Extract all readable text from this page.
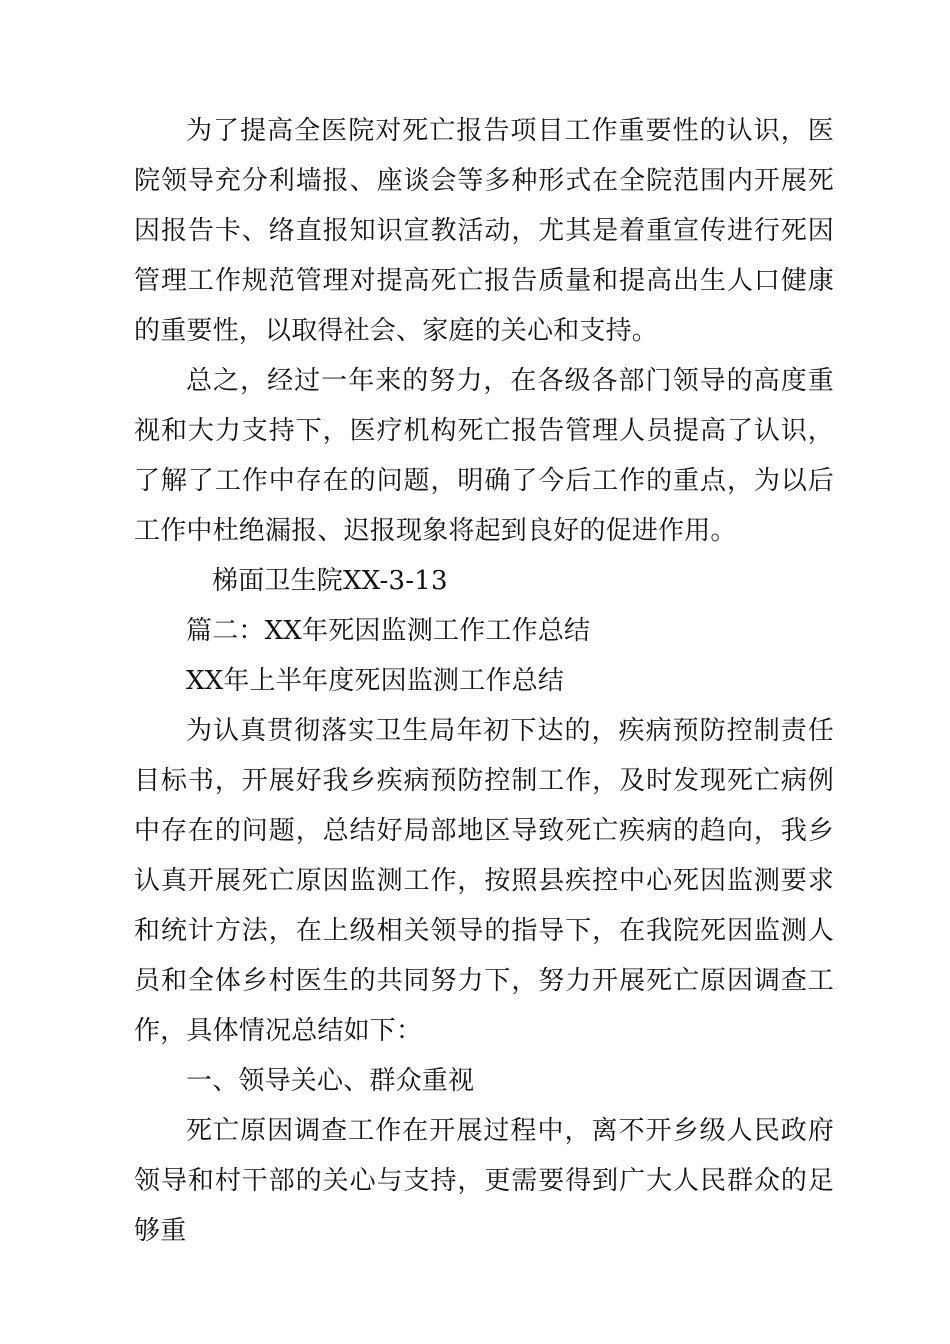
为了提高全医院对死亡报告项目工作重要性的认识，医院领导充分利墙报、座谈会等多种形式在全院范围内开展死因报告卡、络直报知识宣教活动，尤其是着重宣传进行死因管理工作规范管理对提高死亡报告质量和提高出生人口健康的重要性，以取得社会、家庭的关心和支持。

总之，经过一年来的努力，在各级各部门领导的高度重视和大力支持下，医疗机构死亡报告管理人员提高了认识，了解了工作中存在的问题，明确了今后工作的重点，为以后工作中杜绝漏报、迟报现象将起到良好的促进作用。

梯面卫生院XX-3-13

篇二：XX年死因监测工作工作总结

XX年上半年度死因监测工作总结

为认真贯彻落实卫生局年初下达的，疾病预防控制责任目标书，开展好我乡疾病预防控制工作，及时发现死亡病例中存在的问题，总结好局部地区导致死亡疾病的趋向，我乡认真开展死亡原因监测工作，按照县疾控中心死因监测要求和统计方法，在上级相关领导的指导下，在我院死因监测人员和全体乡村医生的共同努力下，努力开展死亡原因调查工作，具体情况总结如下：

一、领导关心、群众重视

死亡原因调查工作在开展过程中，离不开乡级人民政府领导和村干部的关心与支持，更需要得到广大人民群众的足够重
